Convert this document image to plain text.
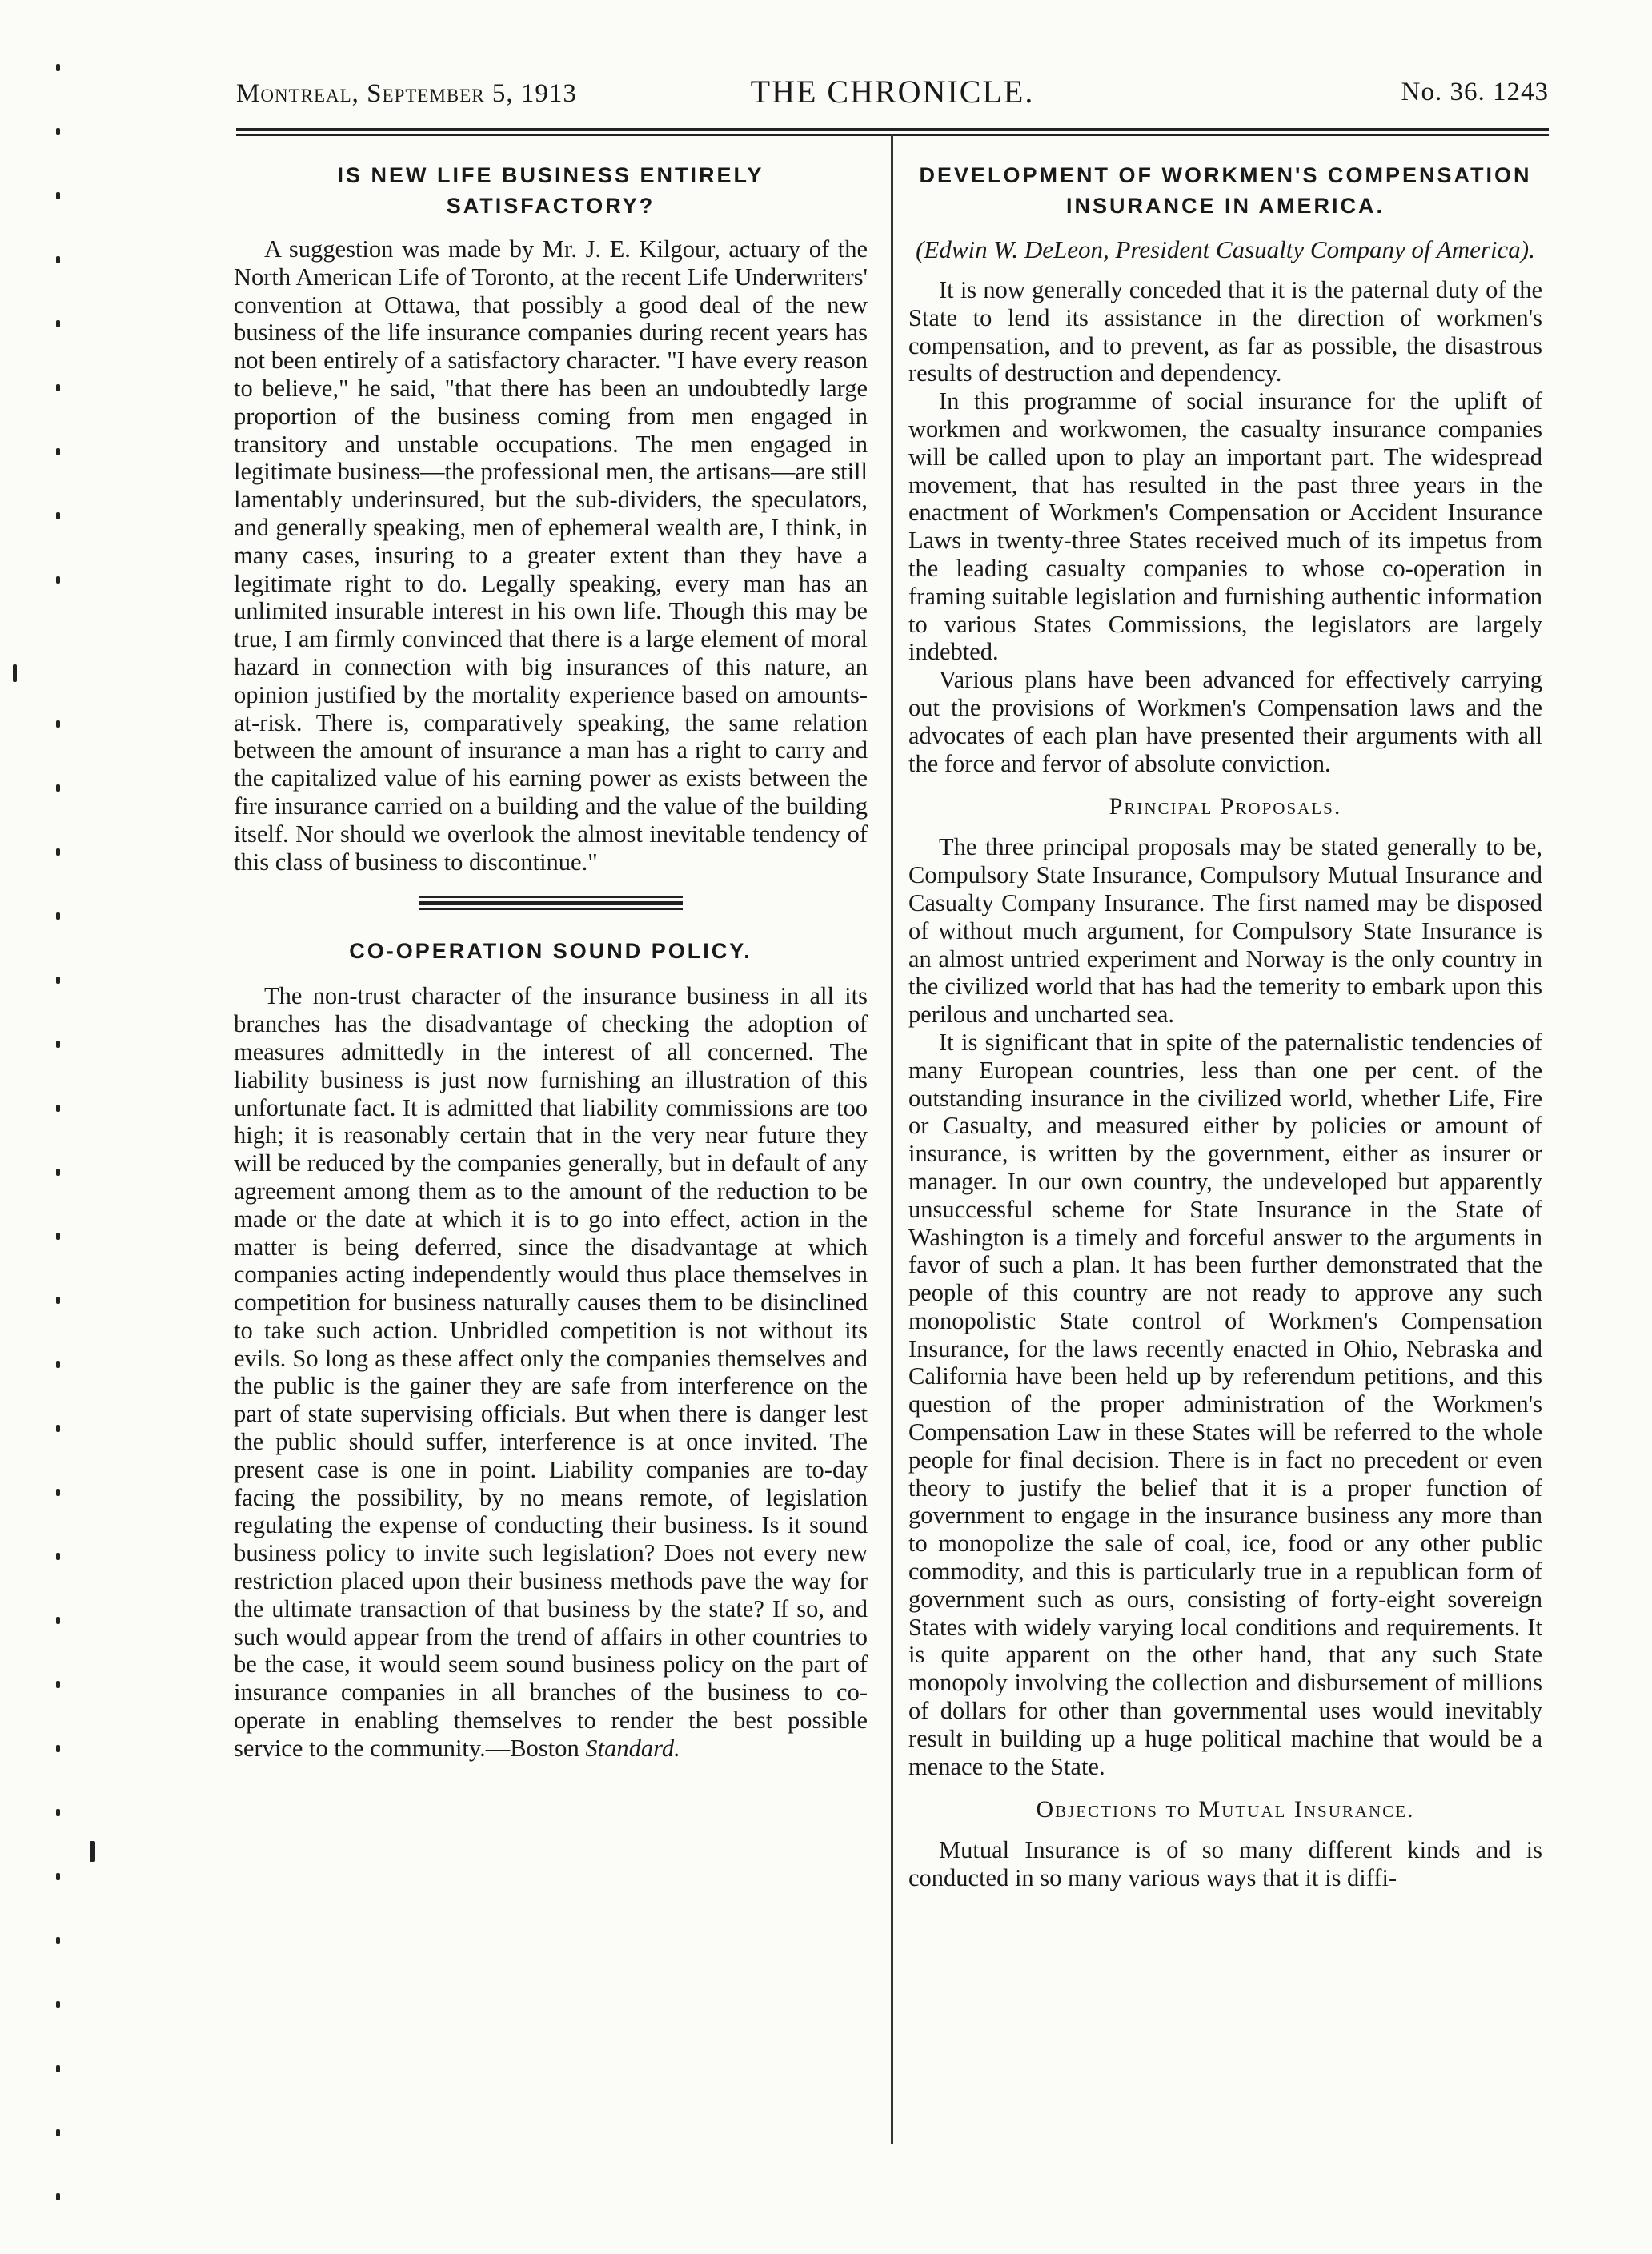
Montreal, September 5, 1913	THE CHRONICLE.	No. 36. 1243
IS NEW LIFE BUSINESS ENTIRELY SATISFACTORY?

A suggestion was made by Mr. J. E. Kilgour, actuary of the North American Life of Toronto, at the recent Life Underwriters' convention at Ottawa, that possibly a good deal of the new business of the life insurance companies during recent years has not been entirely of a satisfactory character. "I have every reason to believe," he said, "that there has been an undoubtedly large proportion of the business coming from men engaged in transitory and unstable occupations. The men engaged in legitimate business—the professional men, the artisans—are still lamentably underinsured, but the sub-dividers, the speculators, and generally speaking, men of ephemeral wealth are, I think, in many cases, insuring to a greater extent than they have a legitimate right to do. Legally speaking, every man has an unlimited insurable interest in his own life. Though this may be true, I am firmly convinced that there is a large element of moral hazard in connection with big insurances of this nature, an opinion justified by the mortality experience based on amounts-at-risk. There is, comparatively speaking, the same relation between the amount of insurance a man has a right to carry and the capitalized value of his earning power as exists between the fire insurance carried on a building and the value of the building itself. Nor should we overlook the almost inevitable tendency of this class of business to discontinue."

CO-OPERATION SOUND POLICY.

The non-trust character of the insurance business in all its branches has the disadvantage of checking the adoption of measures admittedly in the interest of all concerned. The liability business is just now furnishing an illustration of this unfortunate fact. It is admitted that liability commissions are too high; it is reasonably certain that in the very near future they will be reduced by the companies generally, but in default of any agreement among them as to the amount of the reduction to be made or the date at which it is to go into effect, action in the matter is being deferred, since the disadvantage at which companies acting independently would thus place themselves in competition for business naturally causes them to be disinclined to take such action. Unbridled competition is not without its evils. So long as these affect only the companies themselves and the public is the gainer they are safe from interference on the part of state supervising officials. But when there is danger lest the public should suffer, interference is at once invited. The present case is one in point. Liability companies are to-day facing the possibility, by no means remote, of legislation regulating the expense of conducting their business. Is it sound business policy to invite such legislation? Does not every new restriction placed upon their business methods pave the way for the ultimate transaction of that business by the state? If so, and such would appear from the trend of affairs in other countries to be the case, it would seem sound business policy on the part of insurance companies in all branches of the business to co-operate in enabling themselves to render the best possible service to the community.—Boston Standard.

DEVELOPMENT OF WORKMEN'S COMPENSATION INSURANCE IN AMERICA.

(Edwin W. DeLeon, President Casualty Company of America).

It is now generally conceded that it is the paternal duty of the State to lend its assistance in the direction of workmen's compensation, and to prevent, as far as possible, the disastrous results of destruction and dependency.

In this programme of social insurance for the uplift of workmen and workwomen, the casualty insurance companies will be called upon to play an important part. The widespread movement, that has resulted in the past three years in the enactment of Workmen's Compensation or Accident Insurance Laws in twenty-three States received much of its impetus from the leading casualty companies to whose co-operation in framing suitable legislation and furnishing authentic information to various States Commissions, the legislators are largely indebted.

Various plans have been advanced for effectively carrying out the provisions of Workmen's Compensation laws and the advocates of each plan have presented their arguments with all the force and fervor of absolute conviction.

Principal Proposals.

The three principal proposals may be stated generally to be, Compulsory State Insurance, Compulsory Mutual Insurance and Casualty Company Insurance. The first named may be disposed of without much argument, for Compulsory State Insurance is an almost untried experiment and Norway is the only country in the civilized world that has had the temerity to embark upon this perilous and uncharted sea.

It is significant that in spite of the paternalistic tendencies of many European countries, less than one per cent. of the outstanding insurance in the civilized world, whether Life, Fire or Casualty, and measured either by policies or amount of insurance, is written by the government, either as insurer or manager. In our own country, the undeveloped but apparently unsuccessful scheme for State Insurance in the State of Washington is a timely and forceful answer to the arguments in favor of such a plan. It has been further demonstrated that the people of this country are not ready to approve any such monopolistic State control of Workmen's Compensation Insurance, for the laws recently enacted in Ohio, Nebraska and California have been held up by referendum petitions, and this question of the proper administration of the Workmen's Compensation Law in these States will be referred to the whole people for final decision. There is in fact no precedent or even theory to justify the belief that it is a proper function of government to engage in the insurance business any more than to monopolize the sale of coal, ice, food or any other public commodity, and this is particularly true in a republican form of government such as ours, consisting of forty-eight sovereign States with widely varying local conditions and requirements. It is quite apparent on the other hand, that any such State monopoly involving the collection and disbursement of millions of dollars for other than governmental uses would inevitably result in building up a huge political machine that would be a menace to the State.

Objections to Mutual Insurance.

Mutual Insurance is of so many different kinds and is conducted in so many various ways that it is diffi-
